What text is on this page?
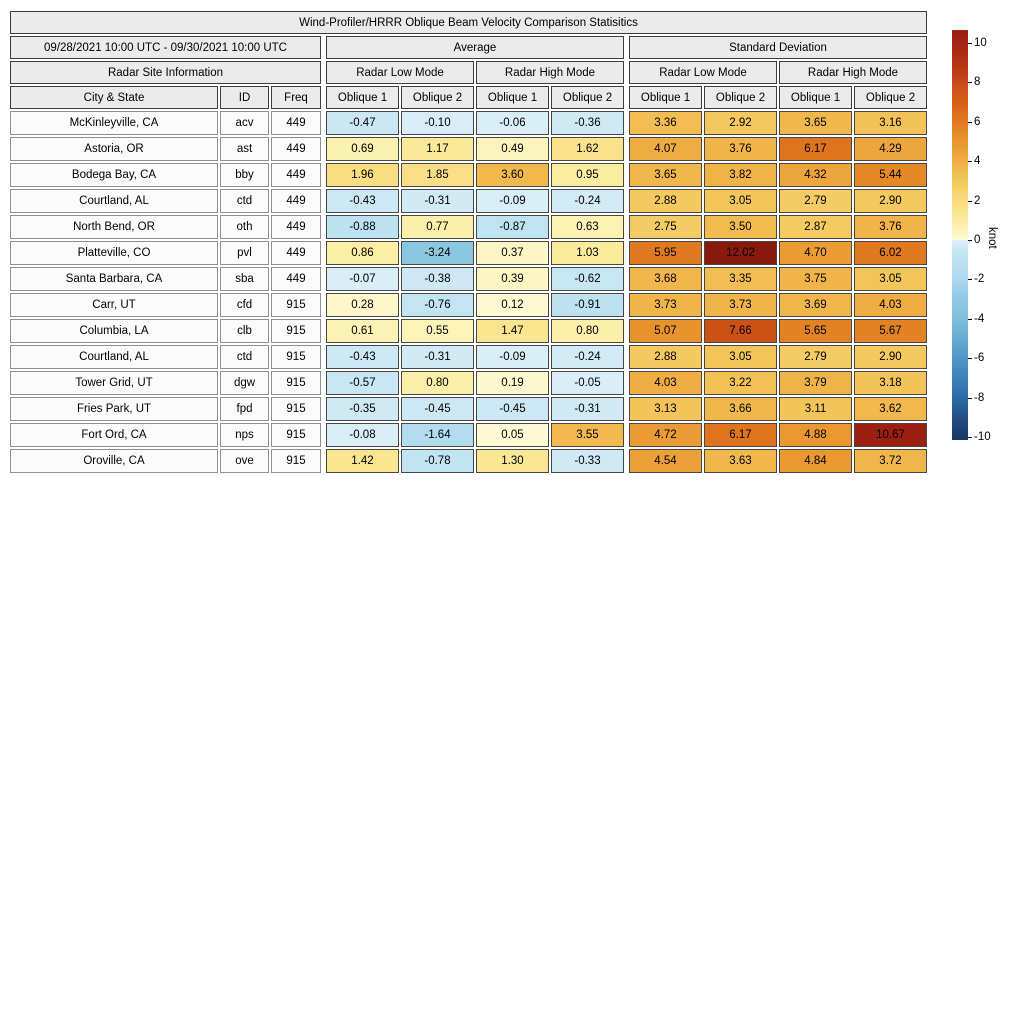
Wind-Profiler/HRRR Oblique Beam Velocity Comparison Statisitics												
09/28/2021 10:00 UTC - 09/30/2021 10:00 UTC				Average					Standard Deviation			
Radar Site Information				Radar Low Mode		Radar High Mode			Radar Low Mode		Radar High Mode	
City & State	ID	Freq		Oblique 1	Oblique 2	Oblique 1	Oblique 2		Oblique 1	Oblique 2	Oblique 1	Oblique 2
McKinleyville, CA	acv	449		-0.47	-0.10	-0.06	-0.36		3.36	2.92	3.65	3.16
Astoria, OR	ast	449		0.69	1.17	0.49	1.62		4.07	3.76	6.17	4.29
Bodega Bay, CA	bby	449		1.96	1.85	3.60	0.95		3.65	3.82	4.32	5.44
Courtland, AL	ctd	449		-0.43	-0.31	-0.09	-0.24		2.88	3.05	2.79	2.90
North Bend, OR	oth	449		-0.88	0.77	-0.87	0.63		2.75	3.50	2.87	3.76
Platteville, CO	pvl	449		0.86	-3.24	0.37	1.03		5.95	12.02	4.70	6.02
Santa Barbara, CA	sba	449		-0.07	-0.38	0.39	-0.62		3.68	3.35	3.75	3.05
Carr, UT	cfd	915		0.28	-0.76	0.12	-0.91		3.73	3.73	3.69	4.03
Columbia, LA	clb	915		0.61	0.55	1.47	0.80		5.07	7.66	5.65	5.67
Courtland, AL	ctd	915		-0.43	-0.31	-0.09	-0.24		2.88	3.05	2.79	2.90
Tower Grid, UT	dgw	915		-0.57	0.80	0.19	-0.05		4.03	3.22	3.79	3.18
Fries Park, UT	fpd	915		-0.35	-0.45	-0.45	-0.31		3.13	3.66	3.11	3.62
Fort Ord, CA	nps	915		-0.08	-1.64	0.05	3.55		4.72	6.17	4.88	10.67
Oroville, CA	ove	915		1.42	-0.78	1.30	-0.33		4.54	3.63	4.84	3.72
10
8
6
4
2
0
-2
-4
-6
-8
-10
knot
